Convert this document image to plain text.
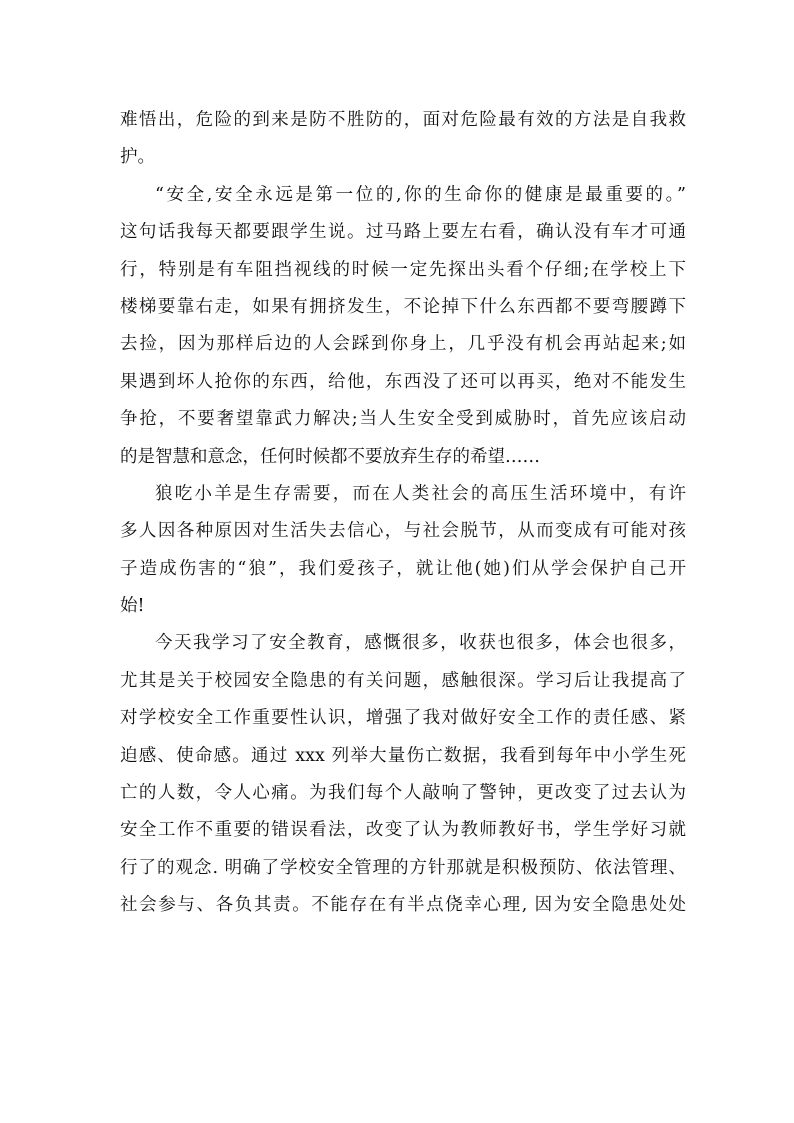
难悟出，危险的到来是防不胜防的，面对危险最有效的方法是自我救
护。
“安全,安全永远是第一位的,你的生命你的健康是最重要的。”
这句话我每天都要跟学生说。过马路上要左右看，确认没有车才可通
行，特别是有车阻挡视线的时候一定先探出头看个仔细;在学校上下
楼梯要靠右走，如果有拥挤发生，不论掉下什么东西都不要弯腰蹲下
去捡，因为那样后边的人会踩到你身上，几乎没有机会再站起来;如
果遇到坏人抢你的东西，给他，东西没了还可以再买，绝对不能发生
争抢，不要奢望靠武力解决;当人生安全受到威胁时，首先应该启动
的是智慧和意念，任何时候都不要放弃生存的希望……
狼吃小羊是生存需要，而在人类社会的高压生活环境中，有许
多人因各种原因对生活失去信心，与社会脱节，从而变成有可能对孩
子造成伤害的“狼”，我们爱孩子，就让他(她)们从学会保护自己开
始!
今天我学习了安全教育，感慨很多，收获也很多，体会也很多，
尤其是关于校园安全隐患的有关问题，感触很深。学习后让我提高了
对学校安全工作重要性认识，增强了我对做好安全工作的责任感、紧
迫感、使命感。通过 xxx 列举大量伤亡数据，我看到每年中小学生死
亡的人数，令人心痛。为我们每个人敲响了警钟，更改变了过去认为
安全工作不重要的错误看法，改变了认为教师教好书，学生学好习就
行了的观念. 明确了学校安全管理的方针那就是积极预防、依法管理、
社会参与、各负其责。不能存在有半点侥幸心理, 因为安全隐患处处
